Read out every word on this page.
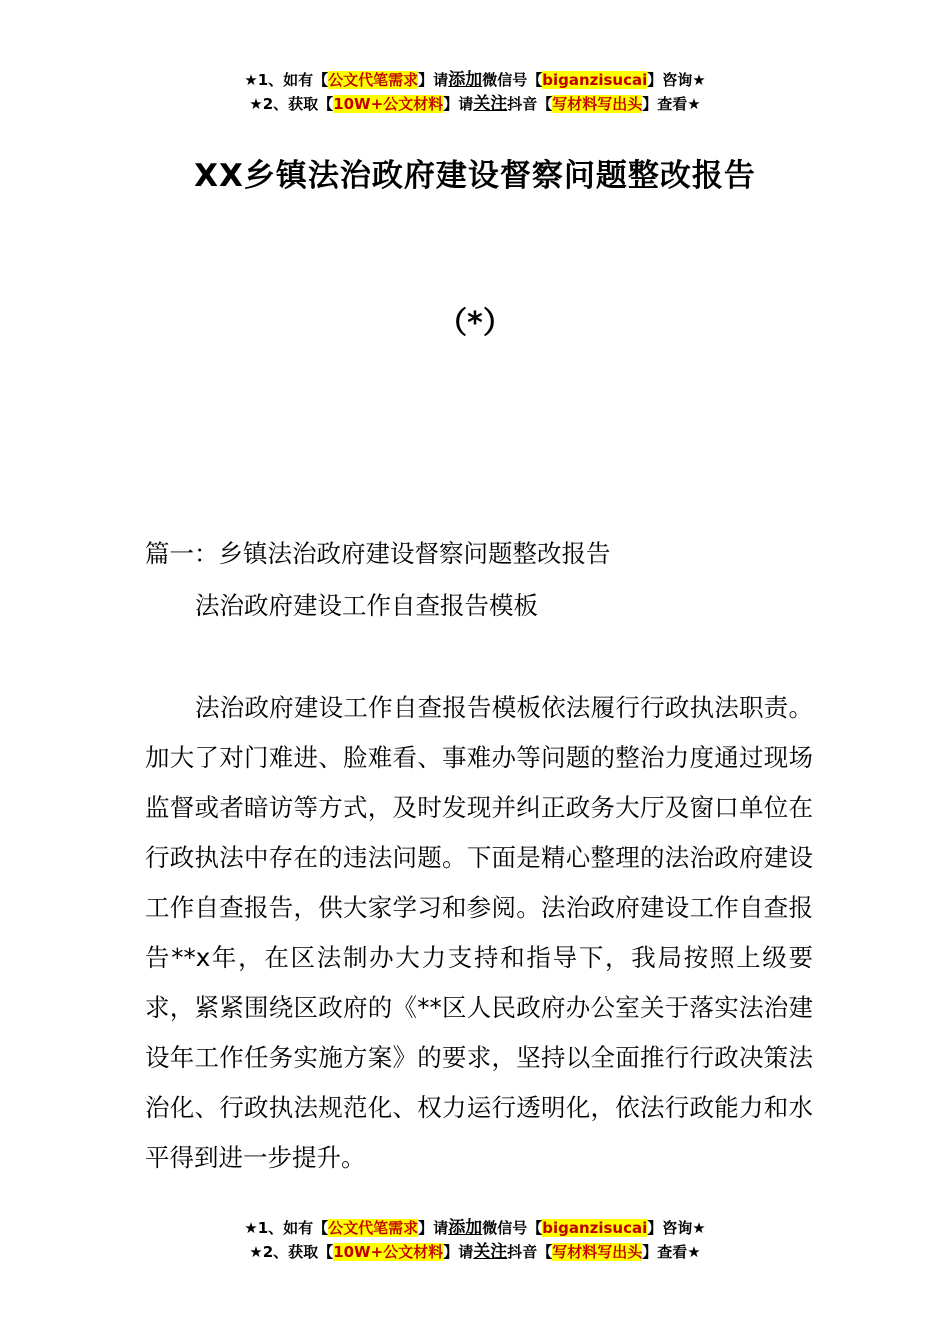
★1、如有【公文代笔需求】请添加微信号【biganzisucai】咨询★
★2、获取【10W+公文材料】请关注抖音【写材料写出头】查看★
XX乡镇法治政府建设督察问题整改报告
（*）
篇一：乡镇法治政府建设督察问题整改报告
法治政府建设工作自查报告模板
法治政府建设工作自查报告模板依法履行行政执法职责。加大了对门难进、脸难看、事难办等问题的整治力度通过现场监督或者暗访等方式，及时发现并纠正政务大厅及窗口单位在行政执法中存在的违法问题。下面是精心整理的法治政府建设工作自查报告，供大家学习和参阅。法治政府建设工作自查报告**x年，在区法制办大力支持和指导下，我局按照上级要求，紧紧围绕区政府的《**区人民政府办公室关于落实法治建设年工作任务实施方案》的要求，坚持以全面推行行政决策法治化、行政执法规范化、权力运行透明化，依法行政能力和水平得到进一步提升。
★1、如有【公文代笔需求】请添加微信号【biganzisucai】咨询★
★2、获取【10W+公文材料】请关注抖音【写材料写出头】查看★
